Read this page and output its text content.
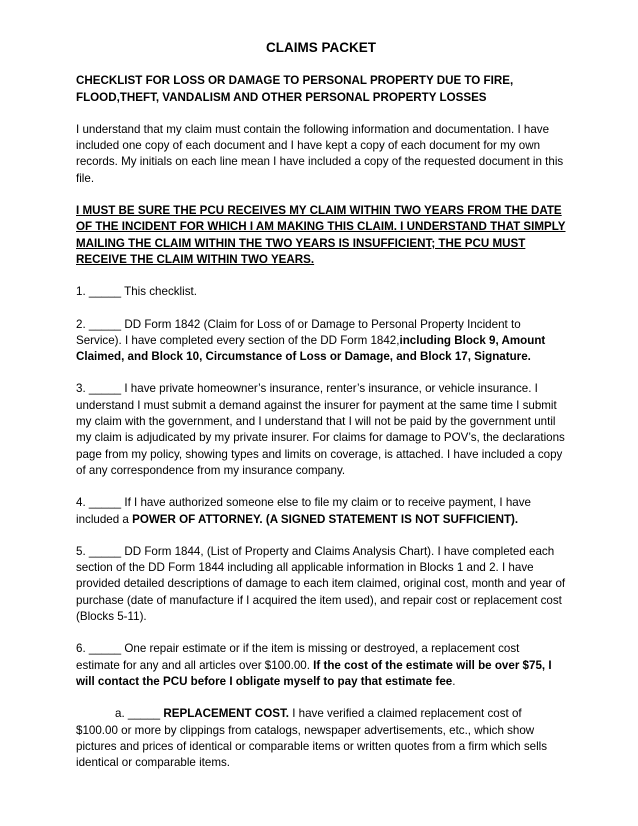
CLAIMS PACKET

CHECKLIST FOR LOSS OR DAMAGE TO PERSONAL PROPERTY DUE TO FIRE, FLOOD,THEFT, VANDALISM AND OTHER PERSONAL PROPERTY LOSSES

I understand that my claim must contain the following information and documentation. I have included one copy of each document and I have kept a copy of each document for my own records. My initials on each line mean I have included a copy of the requested document in this file.

I MUST BE SURE THE PCU RECEIVES MY CLAIM WITHIN TWO YEARS FROM THE DATE OF THE INCIDENT FOR WHICH I AM MAKING THIS CLAIM. I UNDERSTAND THAT SIMPLY MAILING THE CLAIM WITHIN THE TWO YEARS IS INSUFFICIENT; THE PCU MUST RECEIVE THE CLAIM WITHIN TWO YEARS.

1. _____ This checklist.

2. _____ DD Form 1842 (Claim for Loss of or Damage to Personal Property Incident to Service). I have completed every section of the DD Form 1842,including Block 9, Amount Claimed, and Block 10, Circumstance of Loss or Damage, and Block 17, Signature.

3. _____ I have private homeowner’s insurance, renter’s insurance, or vehicle insurance. I understand I must submit a demand against the insurer for payment at the same time I submit my claim with the government, and I understand that I will not be paid by the government until my claim is adjudicated by my private insurer. For claims for damage to POV’s, the declarations page from my policy, showing types and limits on coverage, is attached. I have included a copy of any correspondence from my insurance company.

4. _____ If I have authorized someone else to file my claim or to receive payment, I have included a POWER OF ATTORNEY. (A SIGNED STATEMENT IS NOT SUFFICIENT).

5. _____ DD Form 1844, (List of Property and Claims Analysis Chart). I have completed each section of the DD Form 1844 including all applicable information in Blocks 1 and 2. I have provided detailed descriptions of damage to each item claimed, original cost, month and year of purchase (date of manufacture if I acquired the item used), and repair cost or replacement cost (Blocks 5-11).

6. _____ One repair estimate or if the item is missing or destroyed, a replacement cost estimate for any and all articles over $100.00. If the cost of the estimate will be over $75, I will contact the PCU before I obligate myself to pay that estimate fee.

a. _____ REPLACEMENT COST. I have verified a claimed replacement cost of $100.00 or more by clippings from catalogs, newspaper advertisements, etc., which show pictures and prices of identical or comparable items or written quotes from a firm which sells identical or comparable items.
